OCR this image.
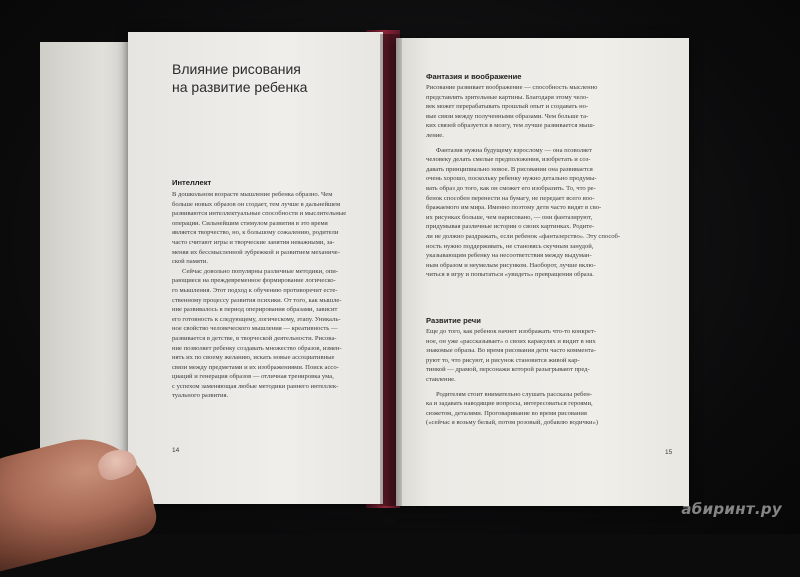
Влияние рисования
на развитие ребенка
Интеллект
В дошкольном возрасте мышление ребенка образно. Чем
больше новых образов он создает, тем лучше в дальнейшем
развиваются интеллектуальные способности и мыслительные
операции. Сильнейшим стимулом развития в это время
является творчество, но, к большому сожалению, родители
часто считают игры и творческие занятия неважными, за-
меняя их бессмысленной зубрежкой и развитием механиче-
ской памяти.
Сейчас довольно популярны различные методики, опи-
рающиеся на преждевременное формирование логическо-
го мышления. Этот подход к обучению противоречит есте-
ственному процессу развития психики. От того, как мышле-
ние развивалось в период оперирования образами, зависит
его готовность к следующему, логическому, этапу. Уникаль-
ное свойство человеческого мышления — креативность —
развивается в детстве, в творческой деятельности. Рисова-
ние позволяет ребенку создавать множество образов, измен-
нять их по своему желанию, искать новые ассоциативные
связи между предметами и их изображениями. Поиск ассо-
циаций и генерация образов — отличная тренировка ума,
с успехом заменяющая любые методики раннего интеллек-
туального развития.
14
Фантазия и воображение
Рисование развивает воображение — способность мысленно
представлять зрительные картины. Благодаря этому чело-
век может перерабатывать прошлый опыт и создавать но-
вые связи между полученными образами. Чем больше та-
ких связей образуется в мозгу, тем лучше развивается мыш-
ление.
Фантазия нужна будущему взрослому — она позволяет
человеку делать смелые предположения, изобретать и соз-
давать принципиально новое. В рисовании она развивается
очень хорошо, поскольку ребенку нужно детально продумы-
вать образ до того, как он сможет его изобразить. То, что ре-
бенок способен перенести на бумагу, не передает всего воо-
бражаемого им мира. Именно поэтому дети часто видят в сво-
их рисунках больше, чем нарисовано, — они фантазируют,
придумывая различные истории о своих картинках. Родите-
ли не должно раздражать, если ребенок «фантазерство». Эту способ-
ность нужно поддерживать, не становясь скучным занудой,
указывающим ребенку на несоответствия между выдуман-
ным образом и неумелым рисунком. Наоборот, лучше вклю-
читься в игру и попытаться «увидеть» превращения образа.
Развитие речи
Еще до того, как ребенок начнет изображать что-то конкрет-
ное, он уже «рассказывает» о своих каракулях и видит в них
знакомые образы. Во время рисования дети часто коммента-
руют то, что рисуют, и рисунок становится живой кар-
тинкой — драмой, персонажи которой разыгрывают пред-
ставление.
Родителям стоит внимательно слушать рассказы ребен-
ка и задавать наводящие вопросы, интересоваться героями,
сюжетом, деталями. Проговаривание во время рисования
(«сейчас я возьму белый, потом розовый, добавлю водички»)
15
абиринт.ру
